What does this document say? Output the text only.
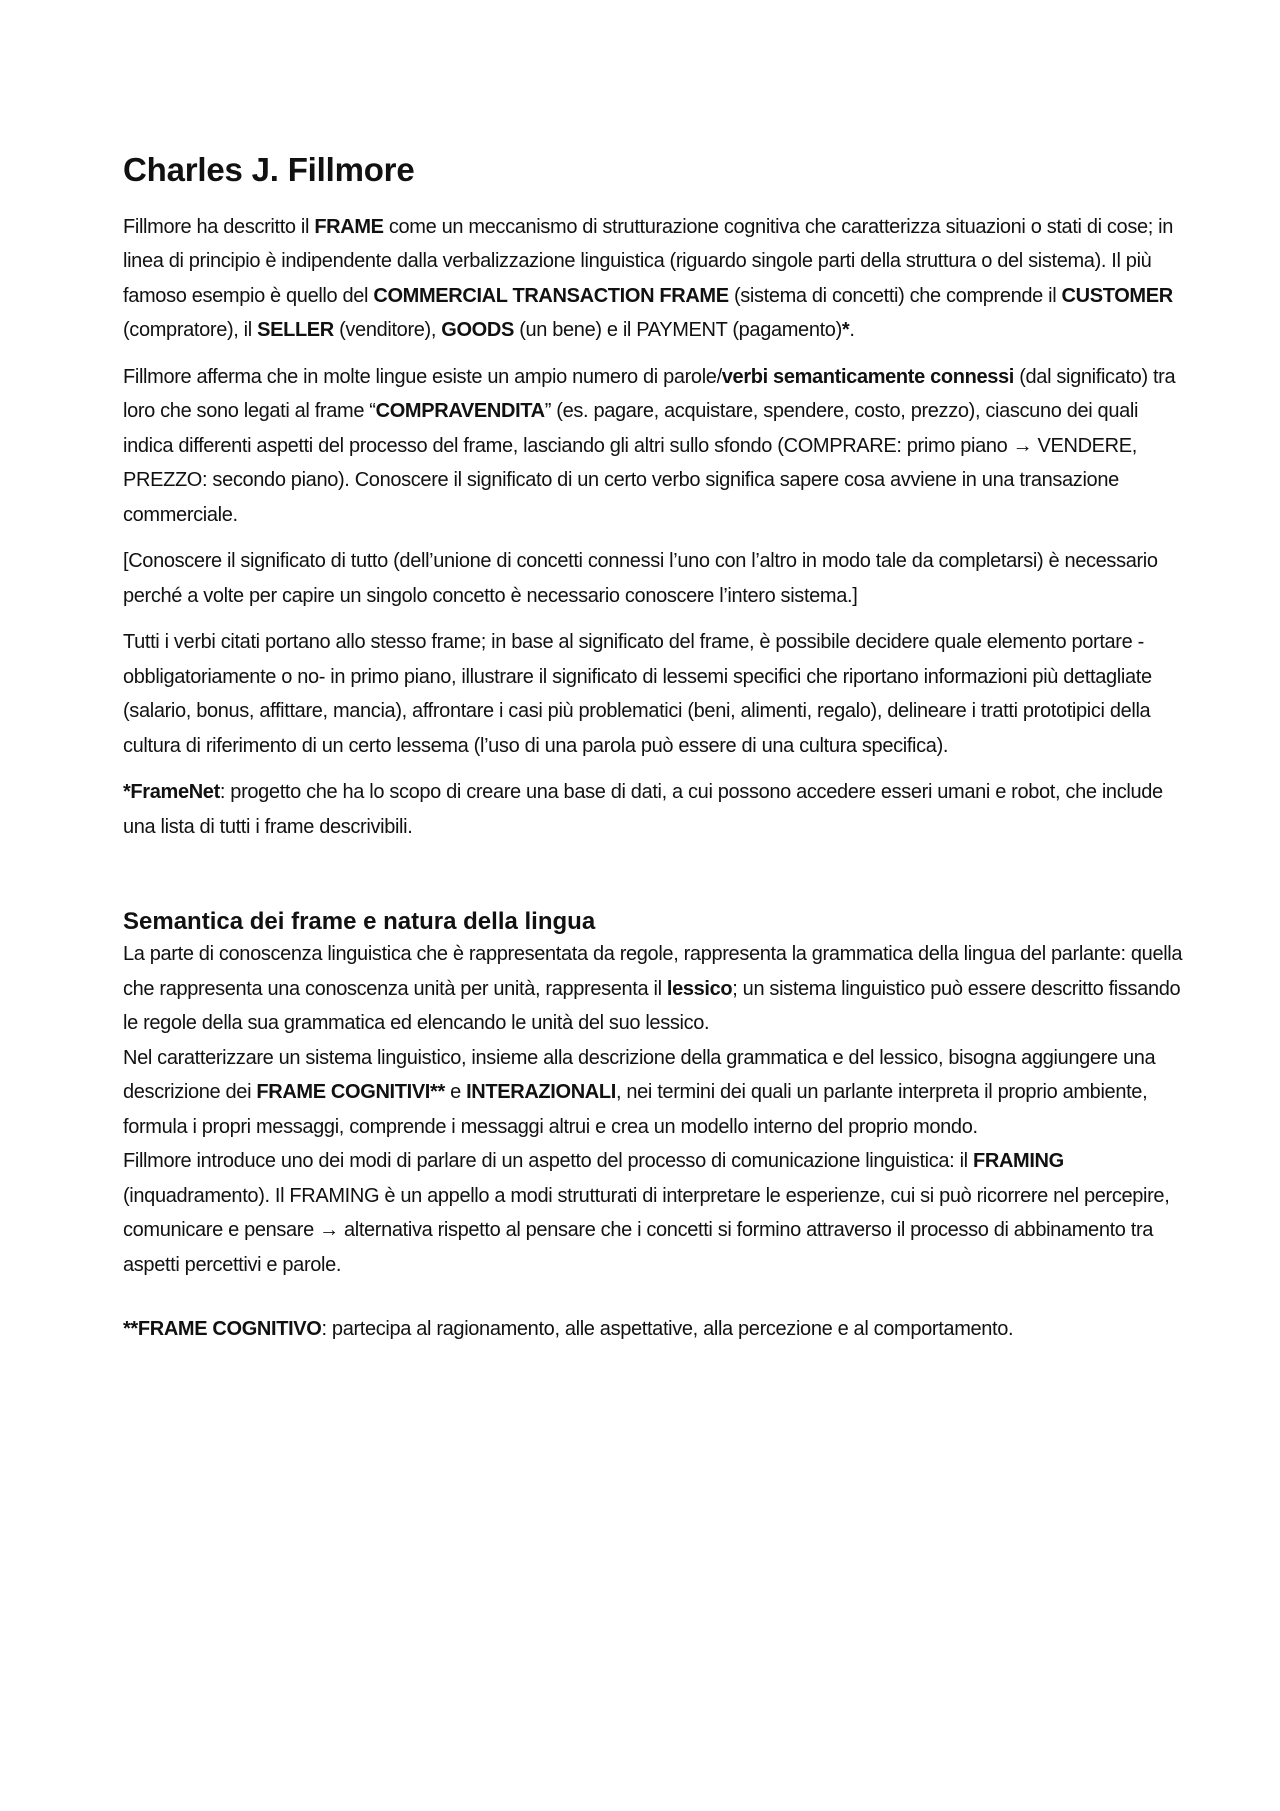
Charles J. Fillmore

Fillmore ha descritto il FRAME come un meccanismo di strutturazione cognitiva che caratterizza situazioni o stati di cose; in linea di principio è indipendente dalla verbalizzazione linguistica (riguardo singole parti della struttura o del sistema). Il più famoso esempio è quello del COMMERCIAL TRANSACTION FRAME (sistema di concetti) che comprende il CUSTOMER (compratore), il SELLER (venditore), GOODS (un bene) e il PAYMENT (pagamento)*.

Fillmore afferma che in molte lingue esiste un ampio numero di parole/verbi semanticamente connessi (dal significato) tra loro che sono legati al frame “COMPRAVENDITA” (es. pagare, acquistare, spendere, costo, prezzo), ciascuno dei quali indica differenti aspetti del processo del frame, lasciando gli altri sullo sfondo (COMPRARE: primo piano → VENDERE, PREZZO: secondo piano). Conoscere il significato di un certo verbo significa sapere cosa avviene in una transazione commerciale.

[Conoscere il significato di tutto (dell’unione di concetti connessi l’uno con l’altro in modo tale da completarsi) è necessario perché a volte per capire un singolo concetto è necessario conoscere l’intero sistema.]

Tutti i verbi citati portano allo stesso frame; in base al significato del frame, è possibile decidere quale elemento portare -obbligatoriamente o no- in primo piano, illustrare il significato di lessemi specifici che riportano informazioni più dettagliate (salario, bonus, affittare, mancia), affrontare i casi più problematici (beni, alimenti, regalo), delineare i tratti prototipici della cultura di riferimento di un certo lessema (l’uso di una parola può essere di una cultura specifica).

*FrameNet: progetto che ha lo scopo di creare una base di dati, a cui possono accedere esseri umani e robot, che include una lista di tutti i frame descrivibili.

Semantica dei frame e natura della lingua

La parte di conoscenza linguistica che è rappresentata da regole, rappresenta la grammatica della lingua del parlante: quella che rappresenta una conoscenza unità per unità, rappresenta il lessico; un sistema linguistico può essere descritto fissando le regole della sua grammatica ed elencando le unità del suo lessico.

Nel caratterizzare un sistema linguistico, insieme alla descrizione della grammatica e del lessico, bisogna aggiungere una descrizione dei FRAME COGNITIVI** e INTERAZIONALI, nei termini dei quali un parlante interpreta il proprio ambiente, formula i propri messaggi, comprende i messaggi altrui e crea un modello interno del proprio mondo.

Fillmore introduce uno dei modi di parlare di un aspetto del processo di comunicazione linguistica: il FRAMING (inquadramento). Il FRAMING è un appello a modi strutturati di interpretare le esperienze, cui si può ricorrere nel percepire, comunicare e pensare → alternativa rispetto al pensare che i concetti si formino attraverso il processo di abbinamento tra aspetti percettivi e parole.

**FRAME COGNITIVO: partecipa al ragionamento, alle aspettative, alla percezione e al comportamento.
